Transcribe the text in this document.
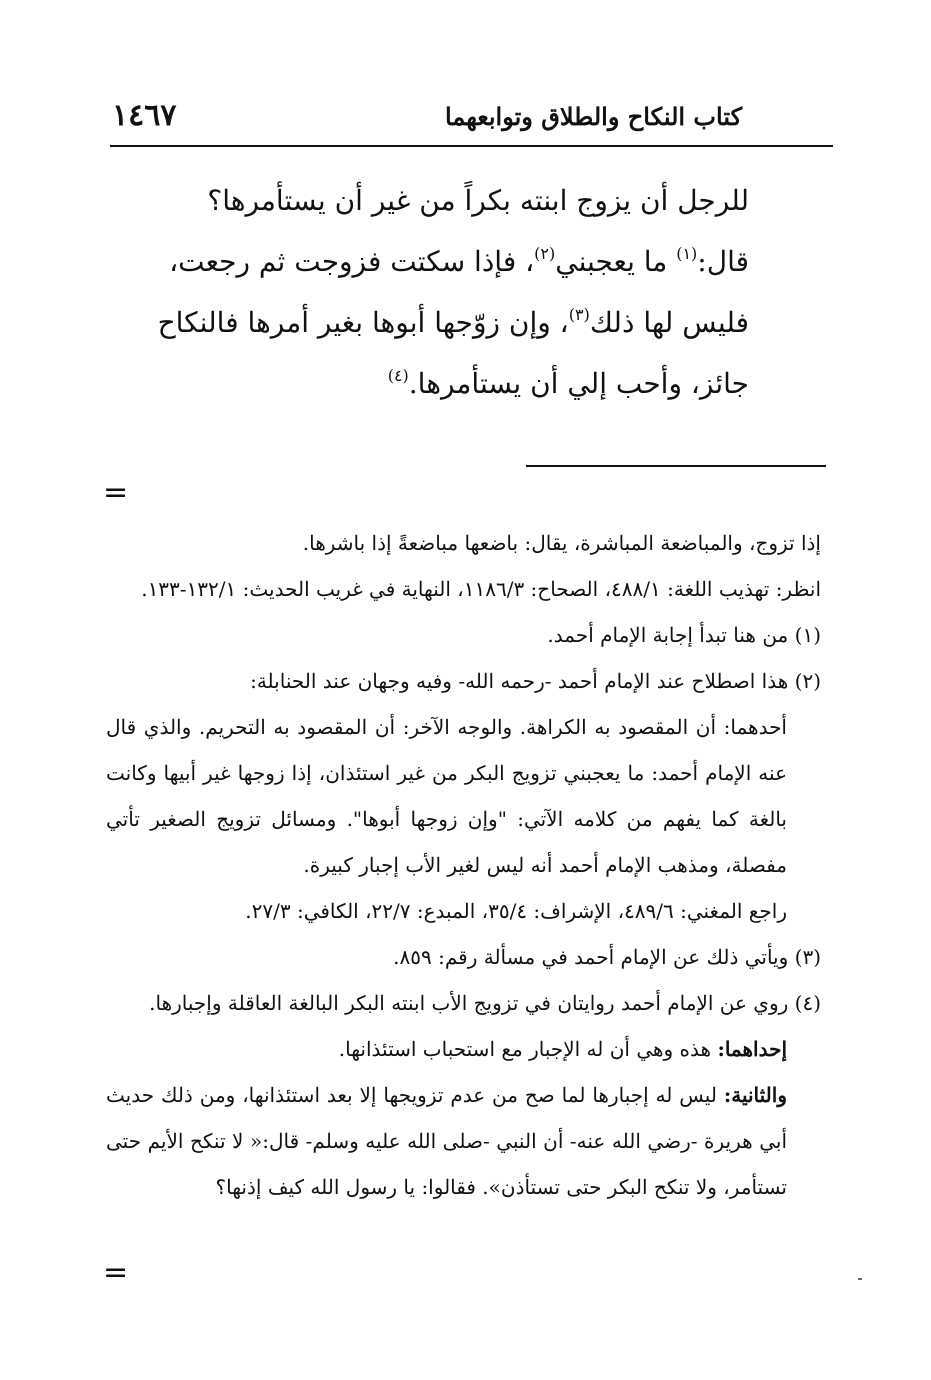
كتاب النكاح والطلاق وتوابعهما
١٤٦٧

للرجل أن يزوج ابنته بكراً من غير أن يستأمرها؟

قال:$^{(١)}$ ما يعجبني$^{(٢)}$، فإذا سكتت فزوجت ثم رجعت، فليس لها ذلك$^{(٣)}$، وإن زوّجها أبوها بغير أمرها فالنكاح جائز، وأحب إلي أن يستأمرها.$^{(٤)}$

=

إذا تزوج، والمباضعة المباشرة، يقال: باضعها مباضعةً إذا باشرها.

انظر: تهذيب اللغة: ٤٨٨/١، الصحاح: ١١٨٦/٣، النهاية في غريب الحديث: ١٣٢/١-١٣٣.

(١) من هنا تبدأ إجابة الإمام أحمد.

(٢) هذا اصطلاح عند الإمام أحمد -رحمه الله- وفيه وجهان عند الحنابلة:

أحدهما: أن المقصود به الكراهة. والوجه الآخر: أن المقصود به التحريم. والذي قال عنه الإمام أحمد: ما يعجبني تزويج البكر من غير استئذان، إذا زوجها غير أبيها وكانت بالغة كما يفهم من كلامه الآتي: "وإن زوجها أبوها". ومسائل تزويج الصغير تأتي مفصلة، ومذهب الإمام أحمد أنه ليس لغير الأب إجبار كبيرة.

راجع المغني: ٤٨٩/٦، الإشراف: ٣٥/٤، المبدع: ٢٢/٧، الكافي: ٢٧/٣.

(٣) ويأتي ذلك عن الإمام أحمد في مسألة رقم: ٨٥٩.

(٤) روي عن الإمام أحمد روايتان في تزويج الأب ابنته البكر البالغة العاقلة وإجبارها.

إحداهما: هذه وهي أن له الإجبار مع استحباب استئذانها.

والثانية: ليس له إجبارها لما صح من عدم تزويجها إلا بعد استئذانها، ومن ذلك حديث أبي هريرة -رضي الله عنه- أن النبي -صلى الله عليه وسلم- قال:« لا تنكح الأيم حتى تستأمر، ولا تنكح البكر حتى تستأذن». فقالوا: يا رسول الله كيف إذنها؟

=
